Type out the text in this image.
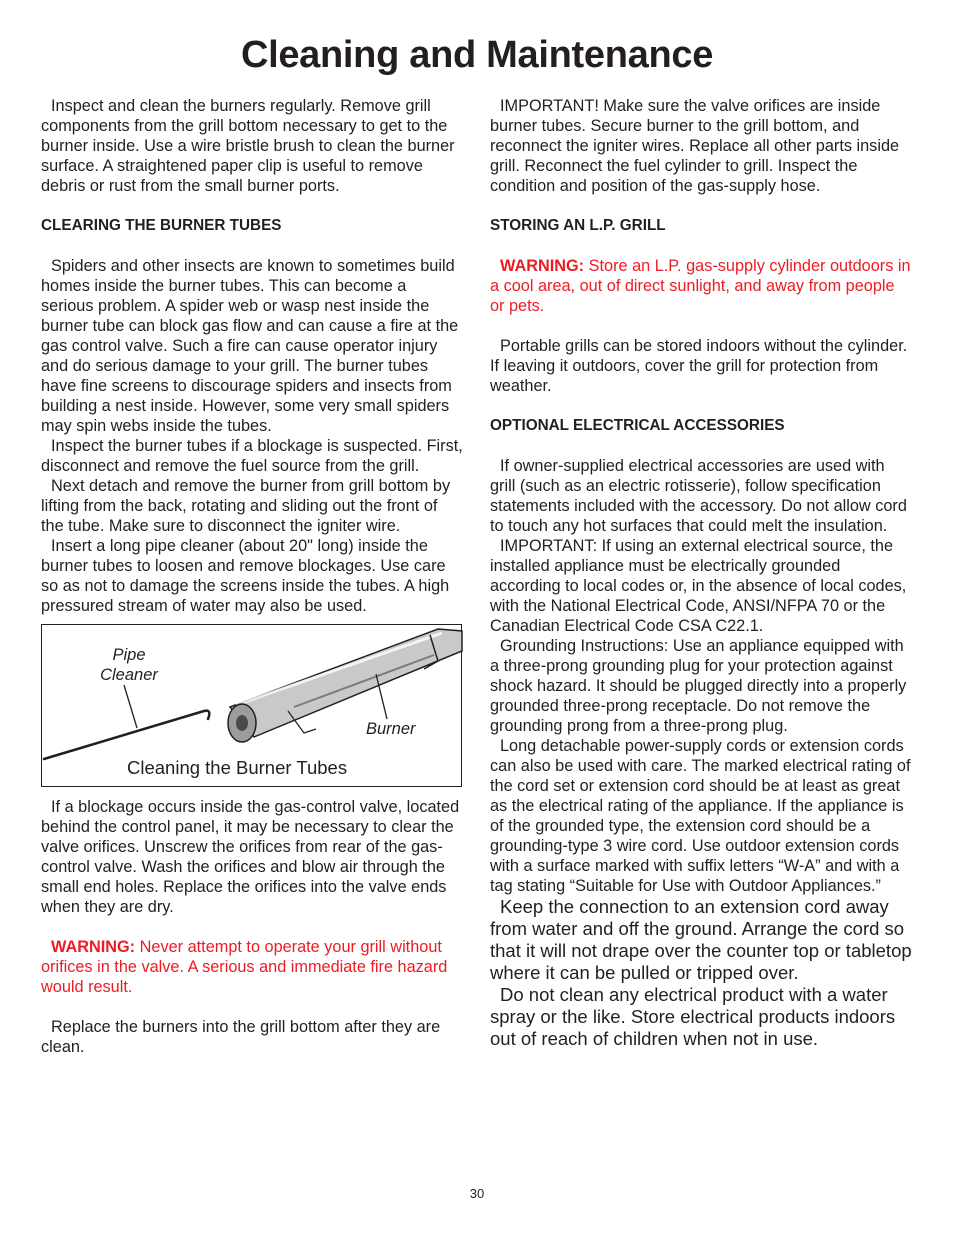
Cleaning and Maintenance

Inspect and clean the burners regularly. Remove grill components from the grill bottom necessary to get to the burner inside. Use a wire bristle brush to clean the burner surface. A straightened paper clip is useful to remove debris or rust from the small burner ports.

CLEARING THE BURNER TUBES

Spiders and other insects are known to sometimes build homes inside the burner tubes. This can become a serious problem. A spider web or wasp nest inside the burner tube can block gas flow and can cause a fire at the gas control valve. Such a fire can cause operator injury and do serious damage to your grill. The burner tubes have fine screens to discourage spiders and insects from building a nest inside. However, some very small spiders may spin webs inside the tubes.

Inspect the burner tubes if a blockage is suspected. First, disconnect and remove the fuel source from the grill.

Next detach and remove the burner from grill bottom by lifting from the back, rotating and sliding out the front of the tube. Make sure to disconnect the igniter wire.

Insert a long pipe cleaner (about 20" long) inside the burner tubes to loosen and remove blockages. Use care so as not to damage the screens inside the tubes. A high pressured stream of water may also be used.

Pipe Cleaner
Burner
Cleaning the Burner Tubes

If a blockage occurs inside the gas-control valve, located behind the control panel, it may be necessary to clear the valve orifices. Unscrew the orifices from rear of the gas-control valve. Wash the orifices and blow air through the small end holes. Replace the orifices into the valve ends when they are dry.

WARNING: Never attempt to operate your grill without orifices in the valve. A serious and immediate fire hazard would result.

Replace the burners into the grill bottom after they are clean.

IMPORTANT! Make sure the valve orifices are inside burner tubes. Secure burner to the grill bottom, and reconnect the igniter wires. Replace all other parts inside grill. Reconnect the fuel cylinder to grill. Inspect the condition and position of the gas-supply hose.

STORING AN L.P. GRILL

WARNING: Store an L.P. gas-supply cylinder outdoors in a cool area, out of direct sunlight, and away from people or pets.

Portable grills can be stored indoors without the cylinder. If leaving it outdoors, cover the grill for protection from weather.

OPTIONAL ELECTRICAL ACCESSORIES

If owner-supplied electrical accessories are used with grill (such as an electric rotisserie), follow specification statements included with the accessory. Do not allow cord to touch any hot surfaces that could melt the insulation.

IMPORTANT: If using an external electrical source, the installed appliance must be electrically grounded according to local codes or, in the absence of local codes, with the National Electrical Code, ANSI/NFPA 70 or the Canadian Electrical Code CSA C22.1.

Grounding Instructions: Use an appliance equipped with a three-prong grounding plug for your protection against shock hazard. It should be plugged directly into a properly grounded three-prong receptacle. Do not remove the grounding prong from a three-prong plug.

Long detachable power-supply cords or extension cords can also be used with care. The marked electrical rating of the cord set or extension cord should be at least as great as the electrical rating of the appliance. If the appliance is of the grounded type, the extension cord should be a grounding-type 3 wire cord. Use outdoor extension cords with a surface marked with suffix letters “W-A” and with a tag stating “Suitable for Use with Outdoor Appliances.”

Keep the connection to an extension cord away from water and off the ground. Arrange the cord so that it will not drape over the counter top or tabletop where it can be pulled or tripped over.

Do not clean any electrical product with a water spray or the like. Store electrical products indoors out of reach of children when not in use.

30
